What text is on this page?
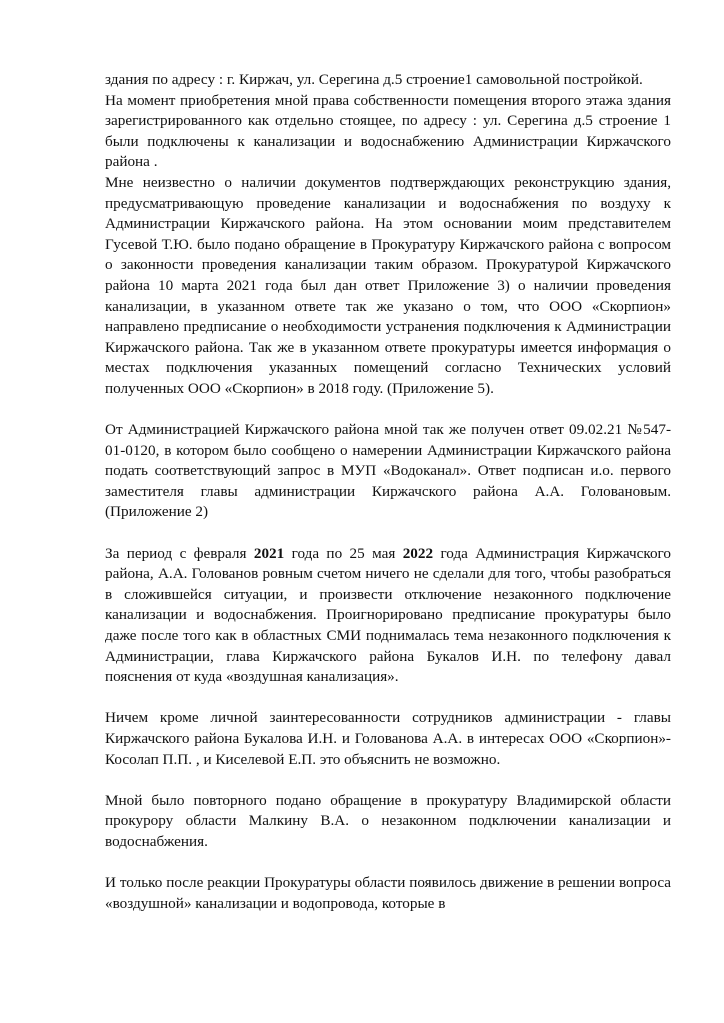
здания по адресу : г. Киржач, ул. Серегина д.5 строение1 самовольной постройкой.

На момент приобретения мной права собственности помещения второго этажа здания зарегистрированного как отдельно стоящее, по адресу : ул. Серегина д.5 строение 1 были подключены к канализации и водоснабжению Администрации Киржачского района .

Мне неизвестно о наличии документов подтверждающих реконструкцию здания, предусматривающую проведение канализации и водоснабжения по воздуху к Администрации Киржачского района. На этом основании моим представителем Гусевой Т.Ю. было подано обращение в Прокуратуру Киржачского района с вопросом о законности проведения канализации таким образом. Прокуратурой Киржачского района 10 марта 2021 года был дан ответ Приложение 3) о наличии проведения канализации, в указанном ответе так же указано о том, что ООО «Скорпион» направлено предписание о необходимости устранения подключения к Администрации Киржачского района. Так же в указанном ответе прокуратуры имеется информация о местах подключения указанных помещений согласно Технических условий полученных ООО «Скорпион» в 2018 году. (Приложение 5).

От Администрацией Киржачского района мной так же получен ответ 09.02.21 №547-01-0120, в котором было сообщено о намерении Администрации Киржачского района подать соответствующий запрос в МУП «Водоканал». Ответ подписан и.о. первого заместителя главы администрации Киржачского района А.А. Головановым. (Приложение 2)

За период с февраля 2021 года по 25 мая 2022 года Администрация Киржачского района, А.А. Голованов ровным счетом ничего не сделали для того, чтобы разобраться в сложившейся ситуации, и произвести отключение незаконного подключение канализации и водоснабжения. Проигнорировано предписание прокуратуры было даже после того как в областных СМИ поднималась тема незаконного подключения к Администрации, глава Киржачского района Букалов И.Н. по телефону давал пояснения от куда «воздушная канализация».

Ничем кроме личной заинтересованности сотрудников администрации - главы Киржачского района Букалова И.Н. и Голованова А.А. в интересах ООО «Скорпион»- Косолап П.П. , и Киселевой Е.П. это объяснить не возможно.

Мной было повторного подано обращение в прокуратуру Владимирской области прокурору области Малкину В.А. о незаконном подключении канализации и водоснабжения.

И только после реакции Прокуратуры области появилось движение в решении вопроса «воздушной» канализации и водопровода, которые в
